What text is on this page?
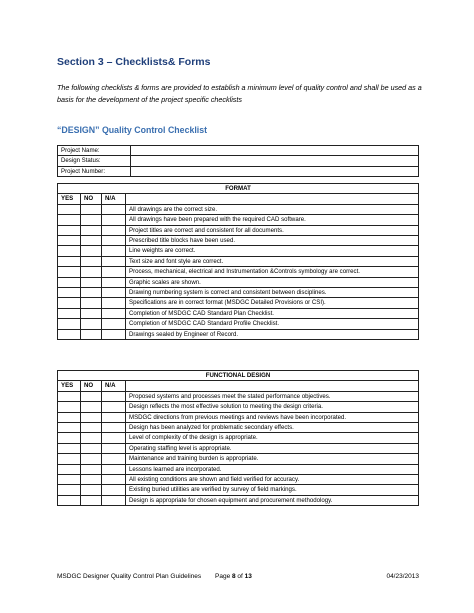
Section 3 – Checklists& Forms
The following checklists & forms are provided to establish a minimum level of quality control and shall be used as a basis for the development of the project specific checklists
“DESIGN” Quality Control Checklist
Project Name:	
Design Status:	
Project Number:	
FORMAT			
YES	NO	N/A	
			All drawings are the correct size.
			All drawings have been prepared with the required CAD software.
			Project titles are correct and consistent for all documents.
			Prescribed title blocks have been used.
			Line weights are correct.
			Text size and font style are correct.
			Process, mechanical, electrical and Instrumentation &Controls symbology are correct.
			Graphic scales are shown.
			Drawing numbering system is correct and consistent between disciplines.
			Specifications are in correct format (MSDGC Detailed Provisions or CSI).
			Completion of MSDGC CAD Standard Plan Checklist.
			Completion of MSDGC CAD Standard Profile Checklist.
			Drawings sealed by Engineer of Record.
FUNCTIONAL DESIGN			
YES	NO	N/A	
			Proposed systems and processes meet the stated performance objectives.
			Design reflects the most effective solution to meeting the design criteria.
			MSDGC directions from previous meetings and reviews have been incorporated.
			Design has been analyzed for problematic secondary effects.
			Level of complexity of the design is appropriate.
			Operating staffing level is appropriate.
			Maintenance and training burden is appropriate.
			Lessons learned are incorporated.
			All existing conditions are shown and field verified for accuracy.
			Existing buried utilities are verified by survey of field markings.
			Design is appropriate for chosen equipment and procurement methodology.
MSDGC Designer Quality Control Plan Guidelines Page 8 of 13	04/23/2013
